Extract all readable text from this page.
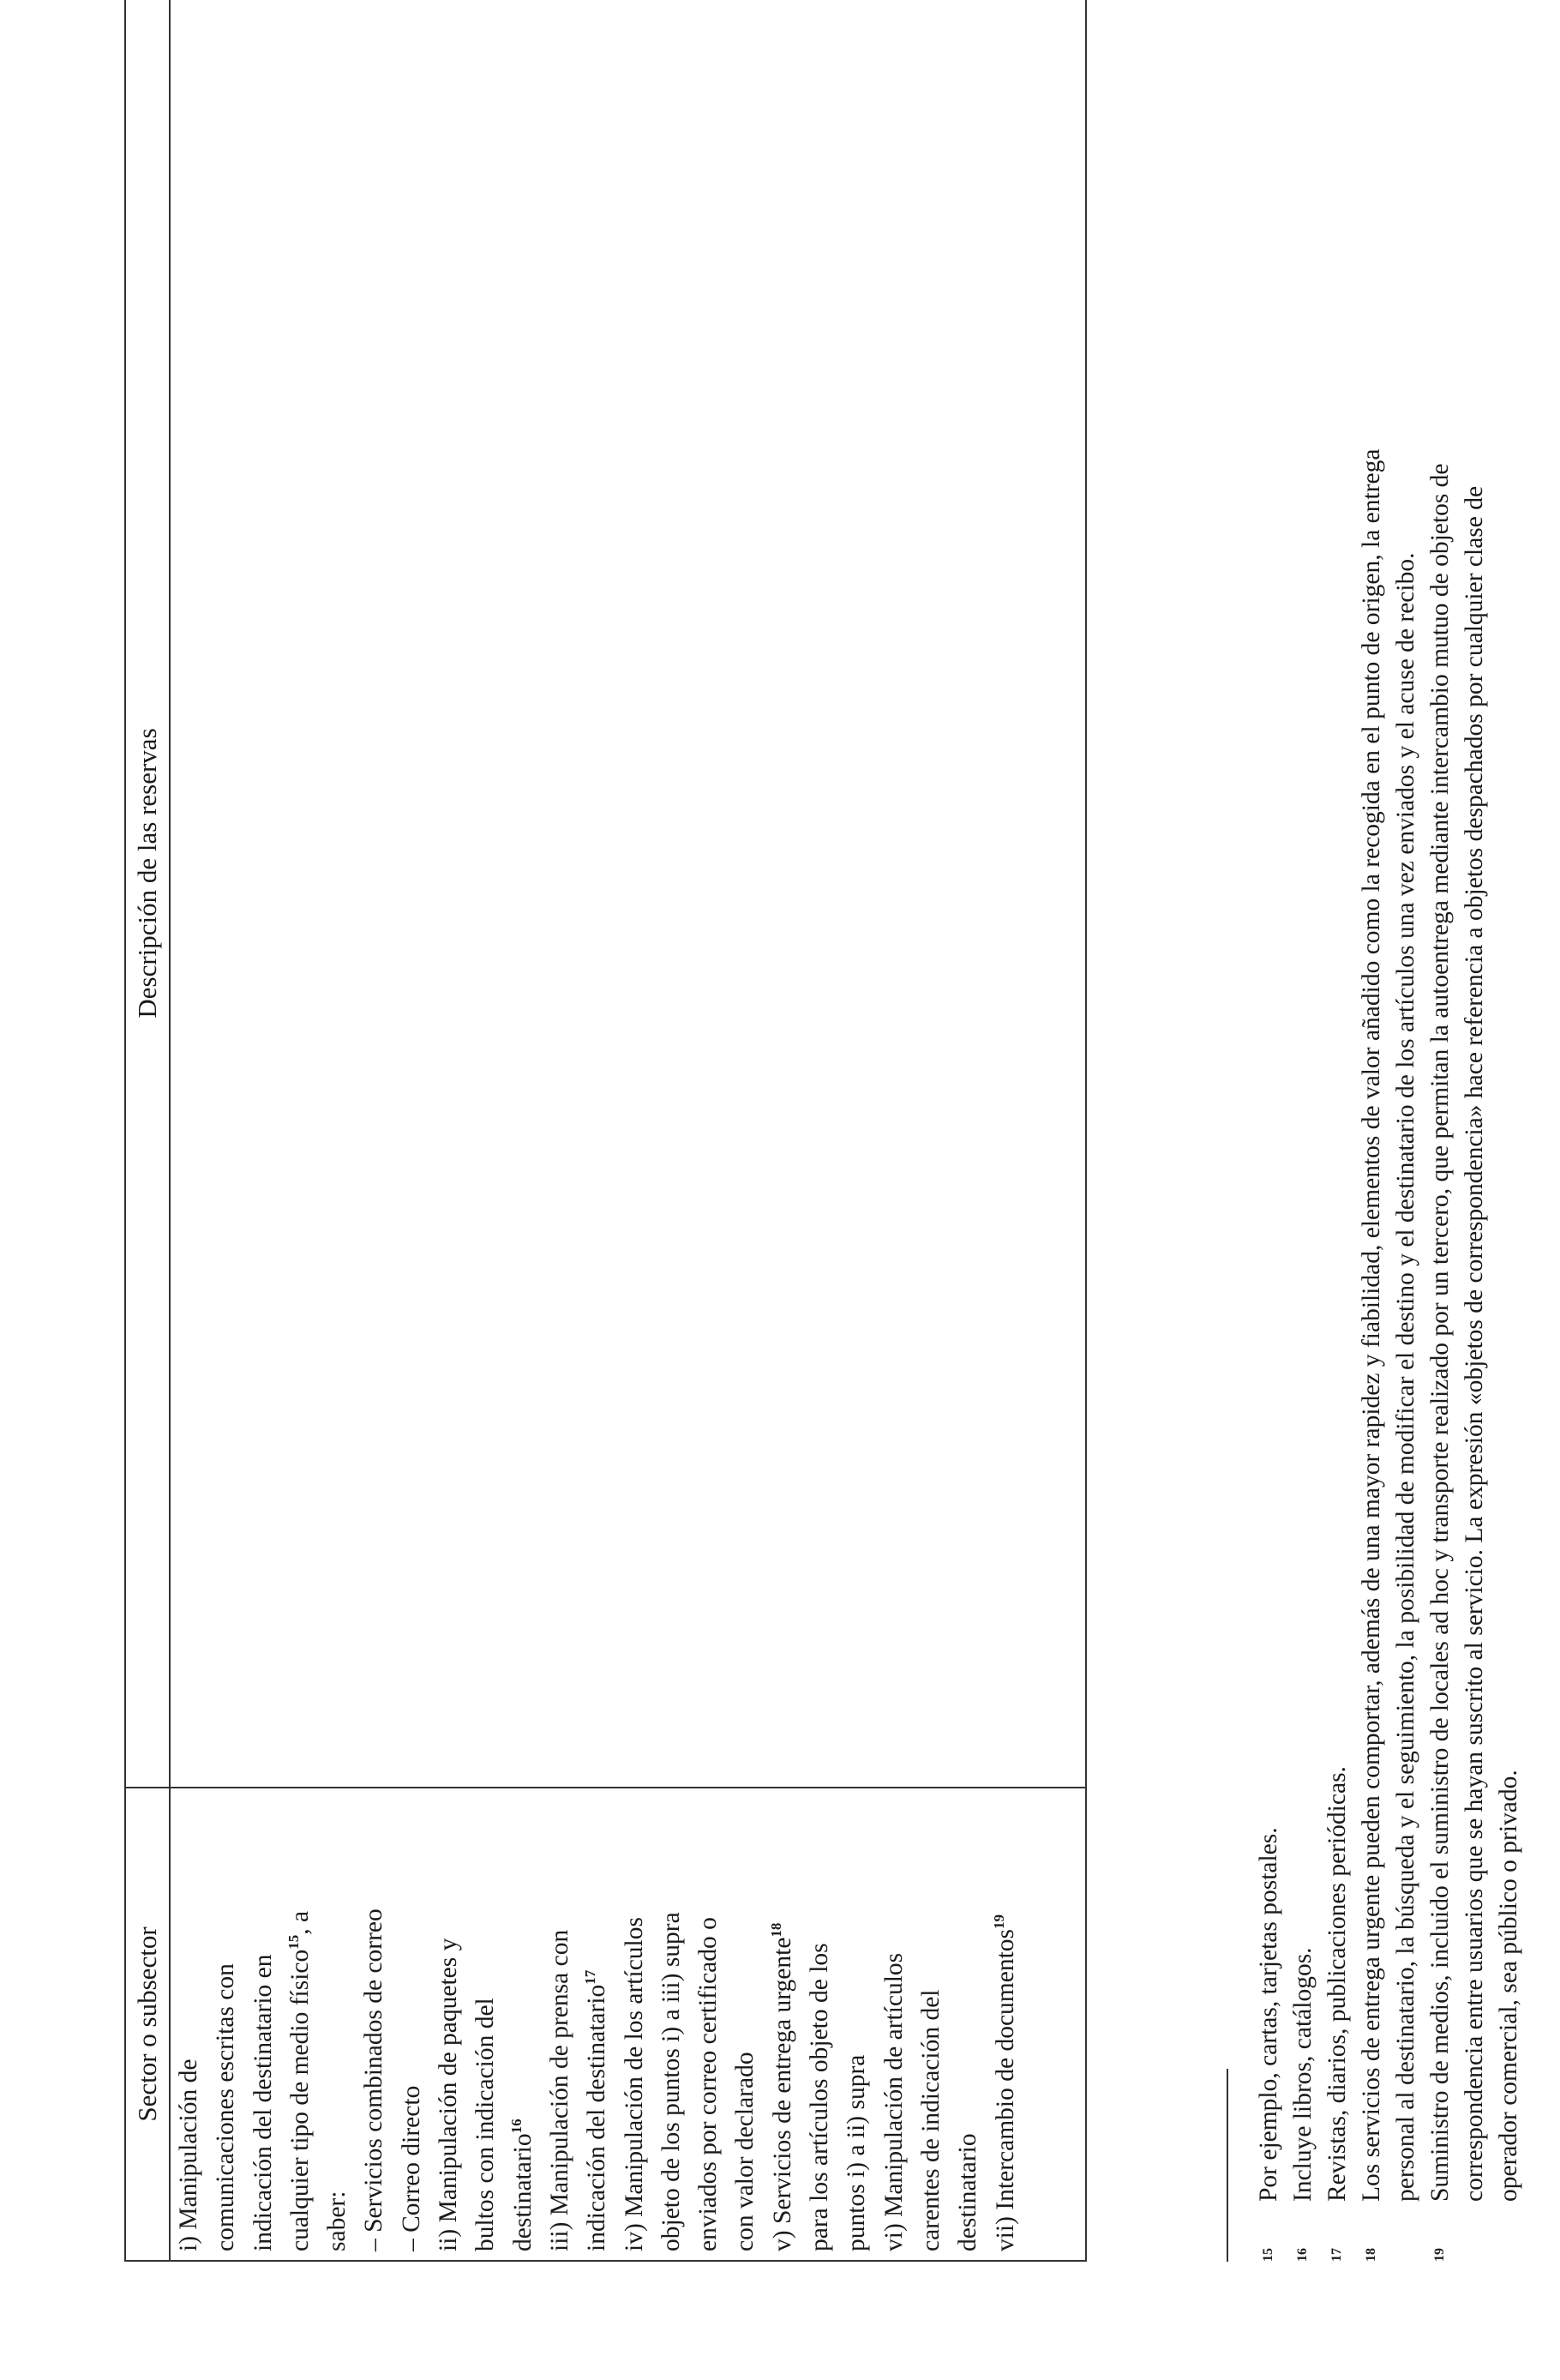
Sector o subsector
i) Manipulación de comunicaciones escritas con indicación del destinatario en cualquier tipo de medio físico$^{15}$, a
saber: – Servicios combinados de correo – Correo directo ii) Manipulación de paquetes y bultos con indicación del destinatario$^{16}$ iii) Manipulación de prensa con indicación del destinatario$^{17}$ iv) Manipulación de los artículos objeto de los puntos i) a iii) supra enviados por correo certificado o con valor declarado v) Servicios de entrega urgente$^{18}$
para los artículos objeto de los puntos i) a ii) supra vi) Manipulación de artículos carentes de indicación del destinatario vii) Intercambio de documentos$^{19}$
Descripción de las reservas
15
Por ejemplo, cartas, tarjetas postales.
16
Incluye libros, catálogos.
17
Revistas, diarios, publicaciones periódicas.
18
Los servicios de entrega urgente pueden comportar, además de una mayor rapidez y fiabilidad, elementos de valor añadido como la recogida en el punto de origen, la entrega personal al destinatario, la búsqueda y el seguimiento, la posibilidad de modificar el destino y el destinatario de los artículos una vez enviados y el acuse de recibo.
19
Suministro de medios, incluido el suministro de locales ad hoc y transporte realizado por un tercero, que permitan la autoentrega mediante intercambio mutuo de objetos de correspondencia entre usuarios que se hayan suscrito al servicio. La expresión «objetos de correspondencia» hace referencia a objetos despachados por cualquier clase de operador comercial, sea público o privado.
